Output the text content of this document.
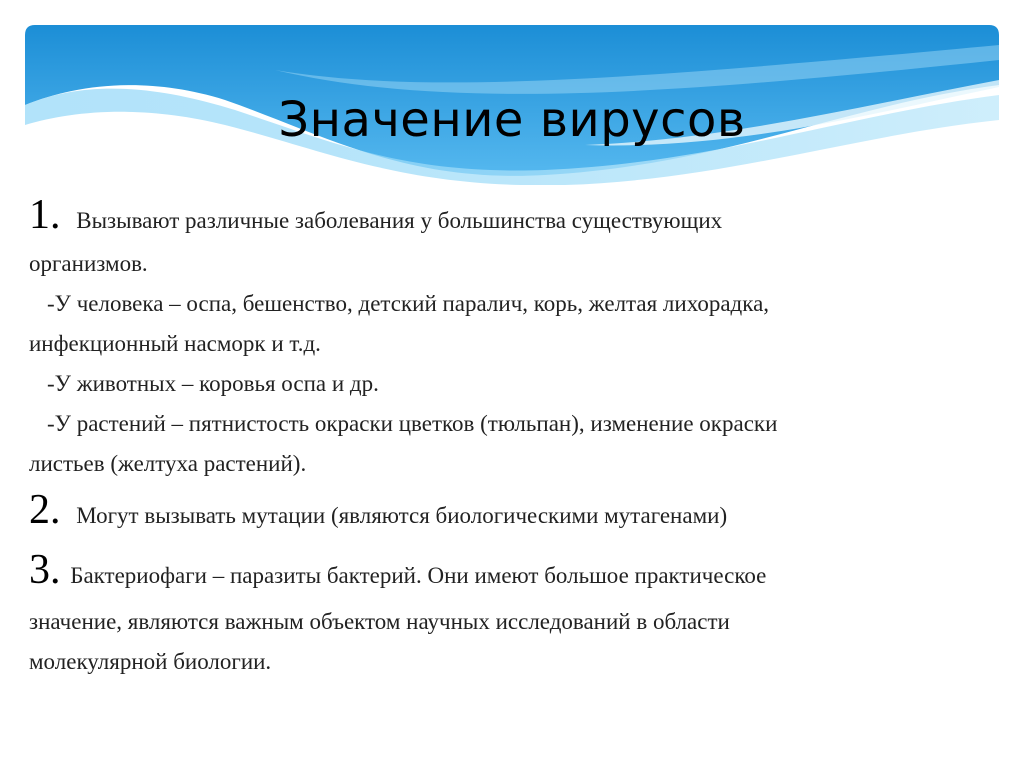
Значение вирусов
1. Вызывают различные заболевания у большинства существующих
организмов.
-У человека – оспа, бешенство, детский паралич, корь, желтая лихорадка,
инфекционный насморк и т.д.
-У животных – коровья оспа и др.
-У растений – пятнистость окраски цветков (тюльпан), изменение окраски
листьев (желтуха растений).
2. Могут вызывать мутации (являются биологическими мутагенами)
3. Бактериофаги – паразиты бактерий. Они имеют большое практическое
значение, являются важным объектом научных исследований в области
молекулярной биологии.
